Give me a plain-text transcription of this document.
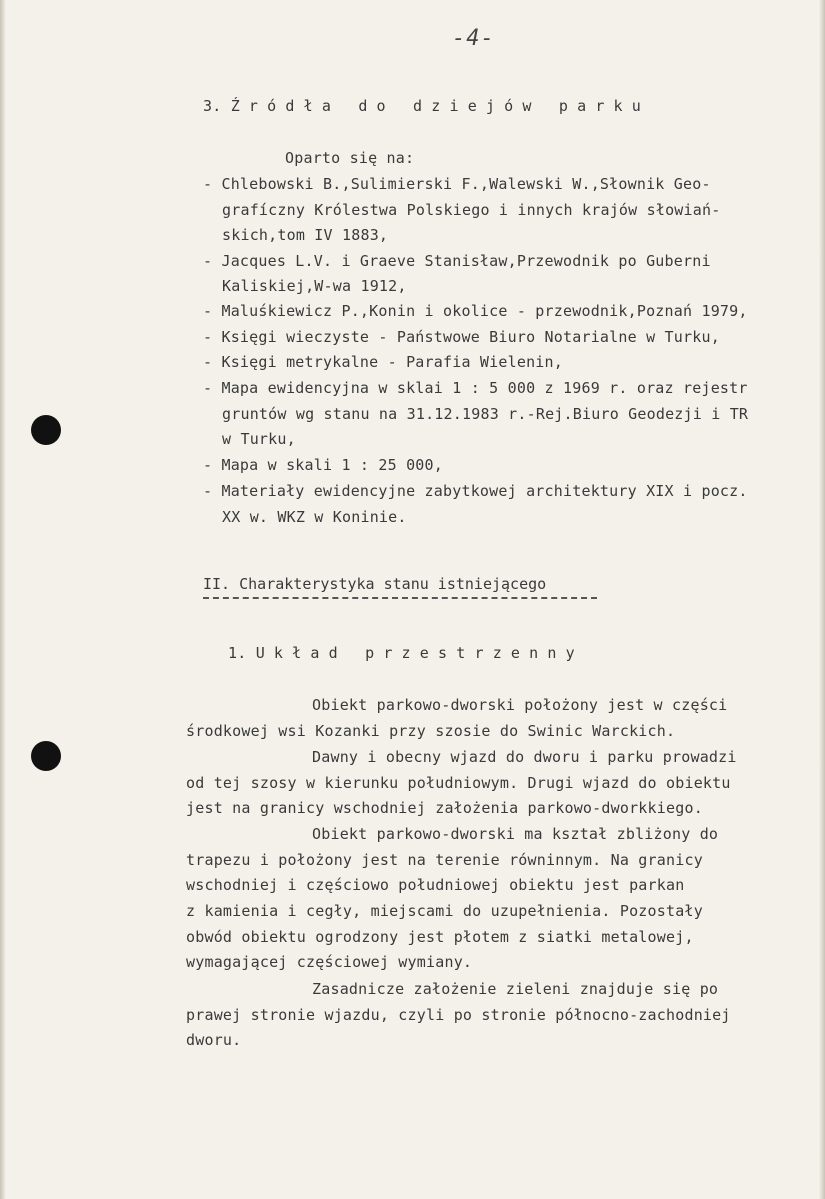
-4-
3. Źródła do dziejów parku
Oparto się na:
- Chlebowski B.,Sulimierski F.,Walewski W.,Słownik Geo-
grafíczny Królestwa Polskiego i innych krajów słowiań-
skich,tom IV 1883,
- Jacques L.V. i Graeve Stanisław,Przewodnik po Guberni
Kaliskiej,W-wa 1912,
- Maluśkiewicz P.,Konin i okolice - przewodnik,Poznań 1979,
- Księgi wieczyste - Państwowe Biuro Notarialne w Turku,
- Księgi metrykalne - Parafia Wielenin,
- Mapa ewidencyjna w sklai 1 : 5 000 z 1969 r. oraz rejestr
gruntów wg stanu na 31.12.1983 r.-Rej.Biuro Geodezji i TR
w Turku,
- Mapa w skali 1 : 25 000,
- Materiały ewidencyjne zabytkowej architektury XIX i pocz.
XX w. WKZ w Koninie.
II. Charakterystyka stanu istniejącego
1. Układ przestrzenny
Obiekt parkowo-dworski położony jest w części
środkowej wsi Kozanki przy szosie do Swinic Warckich.
Dawny i obecny wjazd do dworu i parku prowadzi
od tej szosy w kierunku południowym. Drugi wjazd do obiektu
jest na granicy wschodniej założenia parkowo-dworkkiego.
Obiekt parkowo-dworski ma kształ zbliżony do
trapezu i położony jest na terenie równinnym. Na granicy
wschodniej i częściowo południowej obiektu jest parkan
z kamienia i cegły, miejscami do uzupełnienia. Pozostały
obwód obiektu ogrodzony jest płotem z siatki metalowej,
wymagającej częściowej wymiany.
Zasadnicze założenie zieleni znajduje się po
prawej stronie wjazdu, czyli po stronie północno-zachodniej
dworu.
